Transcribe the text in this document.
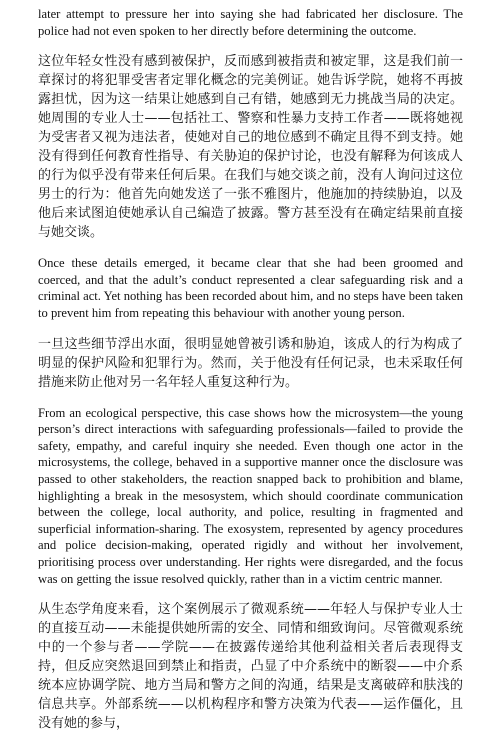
later attempt to pressure her into saying she had fabricated her disclosure. The police had not even spoken to her directly before determining the outcome.

这位年轻女性没有感到被保护，反而感到被指责和被定罪，这是我们前一章探讨的将犯罪受害者定罪化概念的完美例证。她告诉学院，她将不再披露担忧，因为这一结果让她感到自己有错，她感到无力挑战当局的决定。她周围的专业人士——包括社工、警察和性暴力支持工作者——既将她视为受害者又视为违法者，使她对自己的地位感到不确定且得不到支持。她没有得到任何教育性指导、有关胁迫的保护讨论，也没有解释为何该成人的行为似乎没有带来任何后果。在我们与她交谈之前，没有人询问过这位男士的行为：他首先向她发送了一张不雅图片，他施加的持续胁迫，以及他后来试图迫使她承认自己编造了披露。警方甚至没有在确定结果前直接与她交谈。

Once these details emerged, it became clear that she had been groomed and coerced, and that the adult’s conduct represented a clear safeguarding risk and a criminal act. Yet nothing has been recorded about him, and no steps have been taken to prevent him from repeating this behaviour with another young person.

一旦这些细节浮出水面，很明显她曾被引诱和胁迫，该成人的行为构成了明显的保护风险和犯罪行为。然而，关于他没有任何记录，也未采取任何措施来防止他对另一名年轻人重复这种行为。

From an ecological perspective, this case shows how the microsystem—the young person’s direct interactions with safeguarding professionals—failed to provide the safety, empathy, and careful inquiry she needed. Even though one actor in the microsystems, the college, behaved in a supportive manner once the disclosure was passed to other stakeholders, the reaction snapped back to prohibition and blame, highlighting a break in the mesosystem, which should coordinate communication between the college, local authority, and police, resulting in fragmented and superficial information-sharing. The exosystem, represented by agency procedures and police decision-making, operated rigidly and without her involvement, prioritising process over understanding. Her rights were disregarded, and the focus was on getting the issue resolved quickly, rather than in a victim centric manner.

从生态学角度来看，这个案例展示了微观系统——年轻人与保护专业人士的直接互动——未能提供她所需的安全、同情和细致询问。尽管微观系统中的一个参与者——学院——在披露传递给其他利益相关者后表现得支持，但反应突然退回到禁止和指责，凸显了中介系统中的断裂——中介系统本应协调学院、地方当局和警方之间的沟通，结果是支离破碎和肤浅的信息共享。外部系统——以机构程序和警方决策为代表——运作僵化，且没有她的参与，
